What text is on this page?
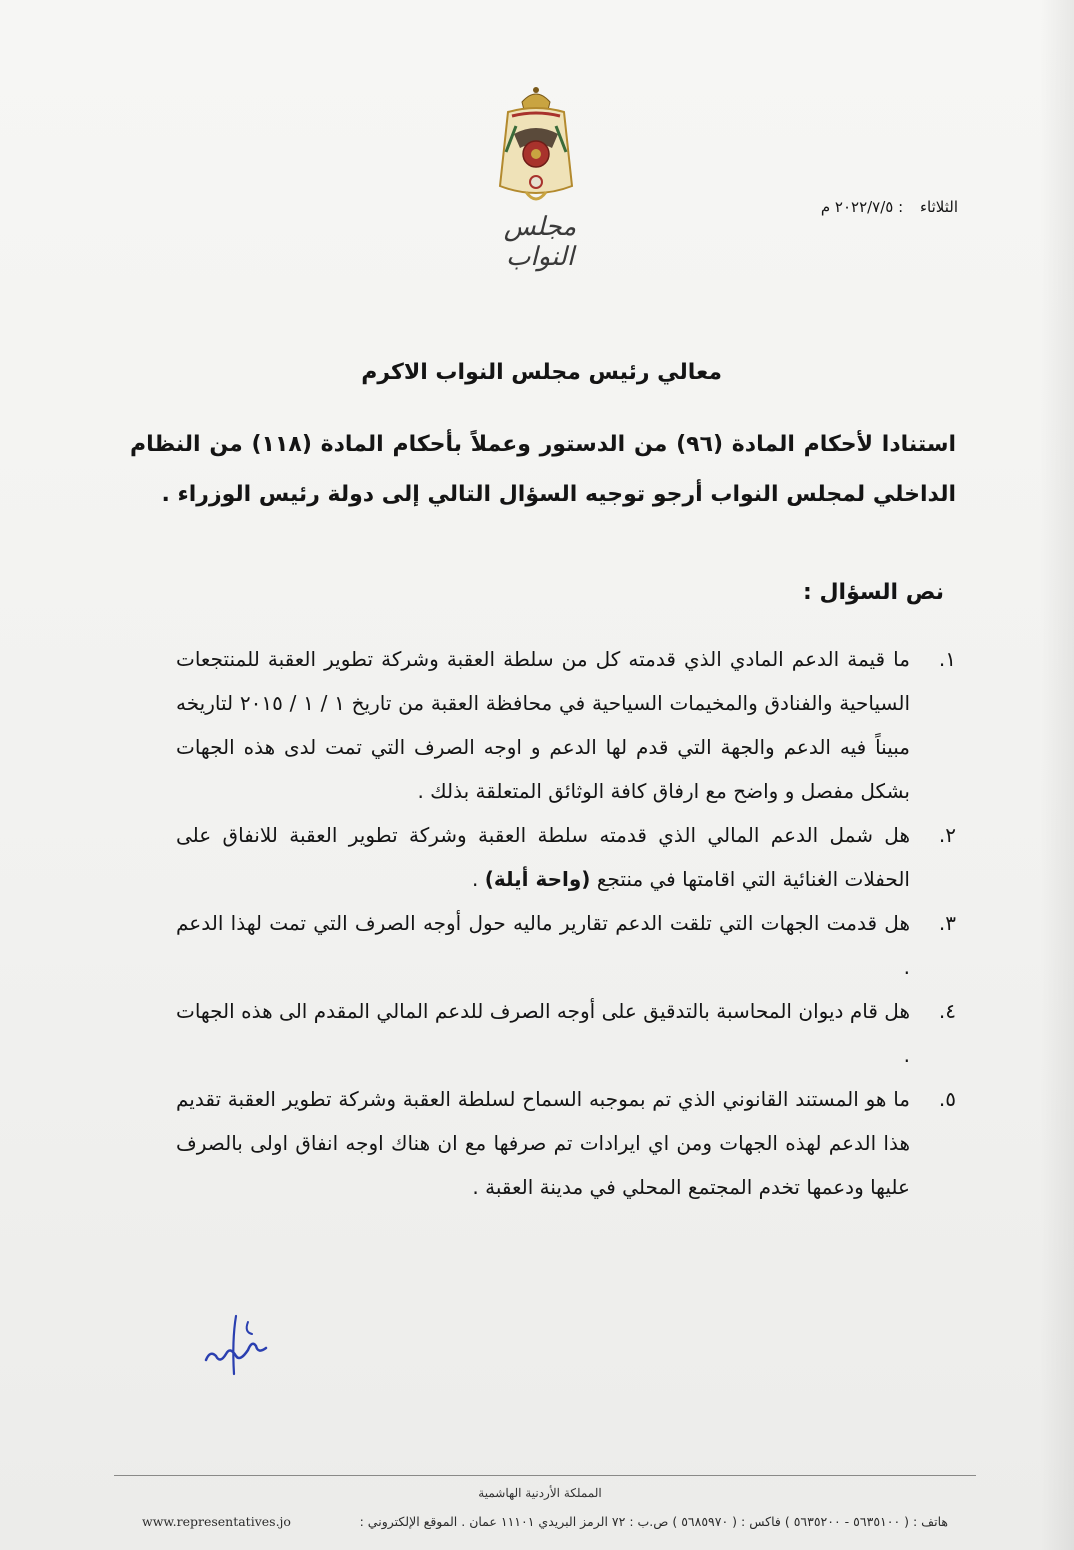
مجلس النواب
الثلاثاء : ٢٠٢٢/٧/٥ م
معالي رئيس مجلس النواب الاكرم
استنادا لأحكام المادة (٩٦) من الدستور وعملاً بأحكام المادة (١١٨) من النظام الداخلي لمجلس النواب أرجو توجيه السؤال التالي إلى دولة رئيس الوزراء .
نص السؤال :
١.
ما قيمة الدعم المادي الذي قدمته كل من سلطة العقبة وشركة تطوير العقبة للمنتجعات السياحية والفنادق والمخيمات السياحية في محافظة العقبة من تاريخ ١ / ١ / ٢٠١٥ لتاريخه مبيناً فيه الدعم والجهة التي قدم لها الدعم و اوجه الصرف التي تمت لدى هذه الجهات بشكل مفصل و واضح مع ارفاق كافة الوثائق المتعلقة بذلك .
٢.
هل شمل الدعم المالي الذي قدمته سلطة العقبة وشركة تطوير العقبة للانفاق على الحفلات الغنائية التي اقامتها في منتجع (واحة أيلة) .
٣.
هل قدمت الجهات التي تلقت الدعم تقارير ماليه حول أوجه الصرف التي تمت لهذا الدعم .
٤.
هل قام ديوان المحاسبة بالتدقيق على أوجه الصرف للدعم المالي المقدم الى هذه الجهات .
٥.
ما هو المستند القانوني الذي تم بموجبه السماح لسلطة العقبة وشركة تطوير العقبة تقديم هذا الدعم لهذه الجهات ومن اي ايرادات تم صرفها مع ان هناك اوجه انفاق اولى بالصرف عليها ودعمها تخدم المجتمع المحلي في مدينة العقبة .
المملكة الأردنية الهاشمية
هاتف : ( ٥٦٣٥١٠٠ - ٥٦٣٥٢٠٠ ) فاكس : ( ٥٦٨٥٩٧٠ ) ص.ب : ٧٢ الرمز البريدي ١١١٠١ عمان . الموقع الإلكتروني :
www.representatives.jo
